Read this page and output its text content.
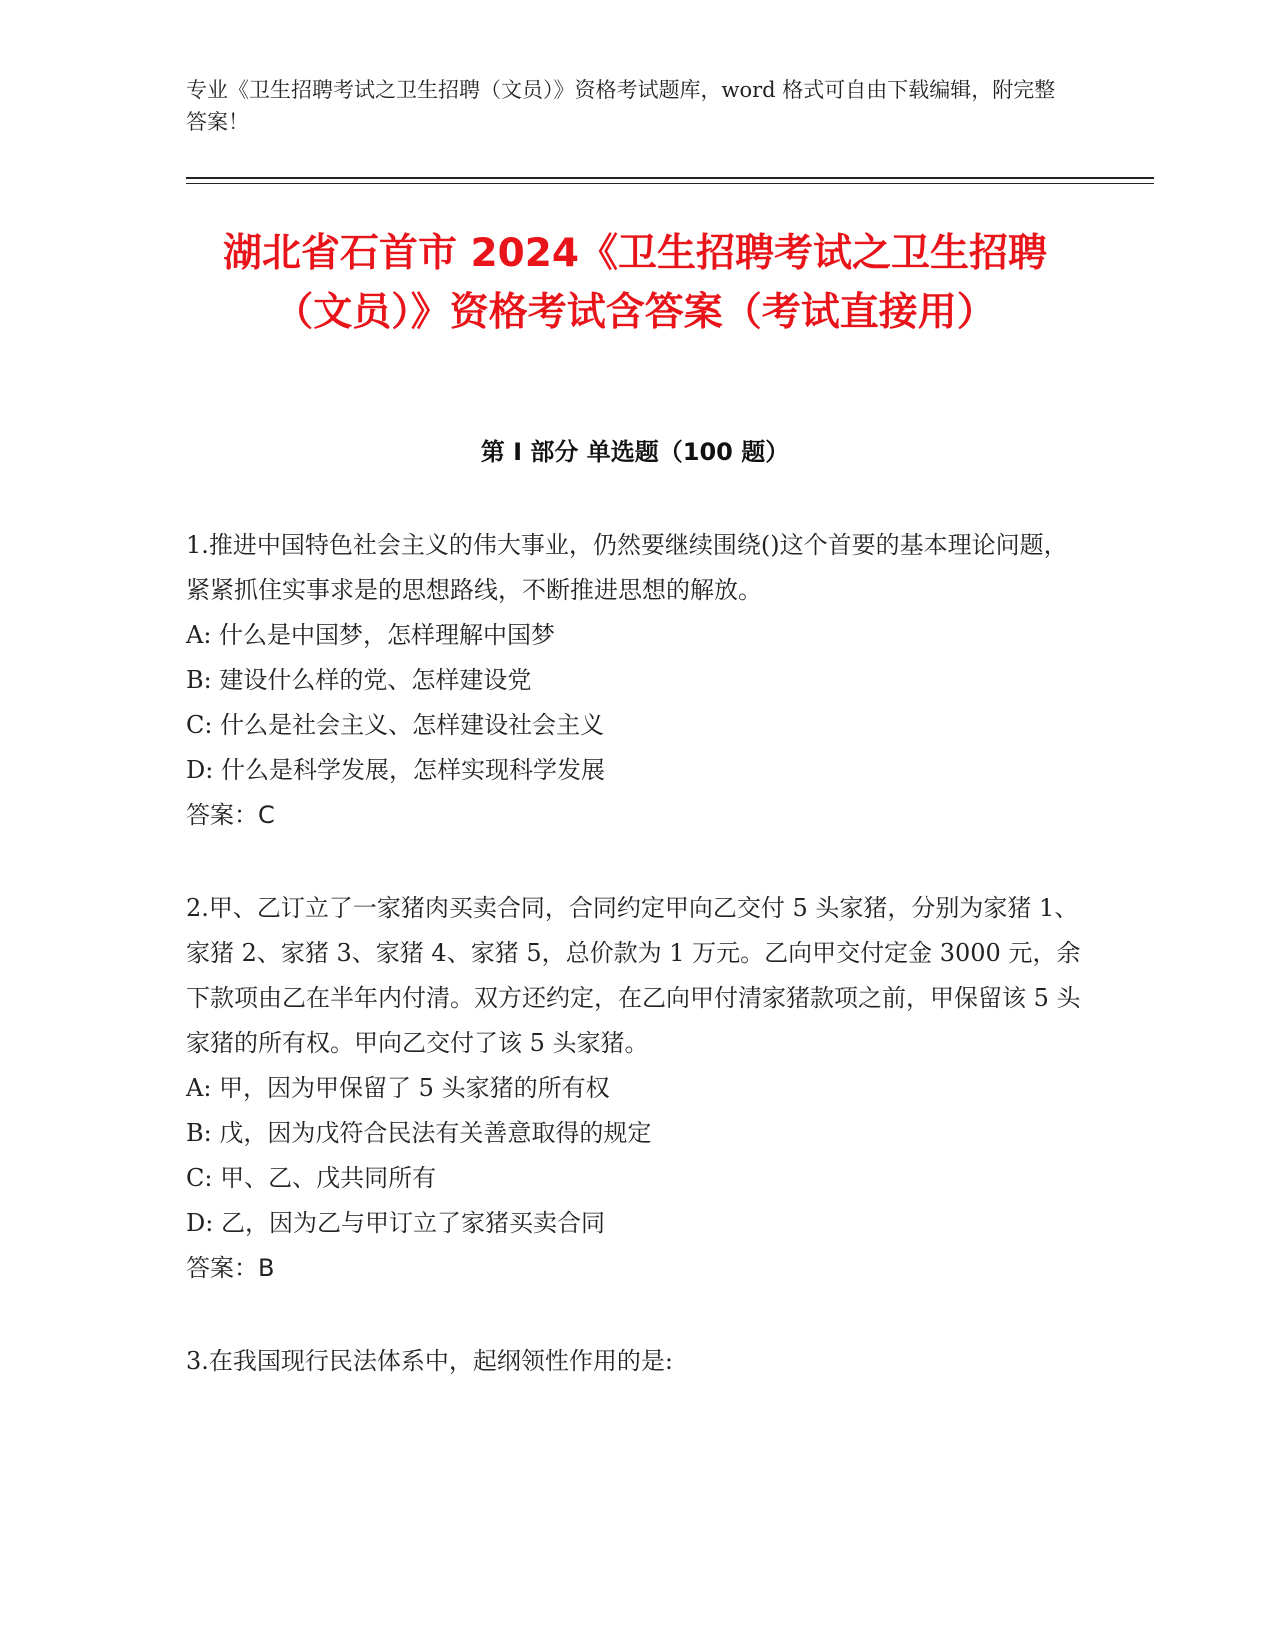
专业《卫生招聘考试之卫生招聘（文员）》资格考试题库，word 格式可自由下载编辑，附完整答案！
湖北省石首市 2024《卫生招聘考试之卫生招聘（文员）》资格考试含答案（考试直接用）
第 I 部分 单选题（100 题）

1.推进中国特色社会主义的伟大事业，仍然要继续围绕()这个首要的基本理论问题，紧紧抓住实事求是的思想路线，不断推进思想的解放。

A: 什么是中国梦，怎样理解中国梦

B: 建设什么样的党、怎样建设党

C: 什么是社会主义、怎样建设社会主义

D: 什么是科学发展，怎样实现科学发展

答案：C

2.甲、乙订立了一家猪肉买卖合同，合同约定甲向乙交付 5 头家猪，分别为家猪 1、家猪 2、家猪 3、家猪 4、家猪 5，总价款为 1 万元。乙向甲交付定金 3000 元，余下款项由乙在半年内付清。双方还约定，在乙向甲付清家猪款项之前，甲保留该 5 头家猪的所有权。甲向乙交付了该 5 头家猪。

A: 甲，因为甲保留了 5 头家猪的所有权

B: 戊，因为戊符合民法有关善意取得的规定

C: 甲、乙、戊共同所有

D: 乙，因为乙与甲订立了家猪买卖合同

答案：B

3.在我国现行民法体系中，起纲领性作用的是:
